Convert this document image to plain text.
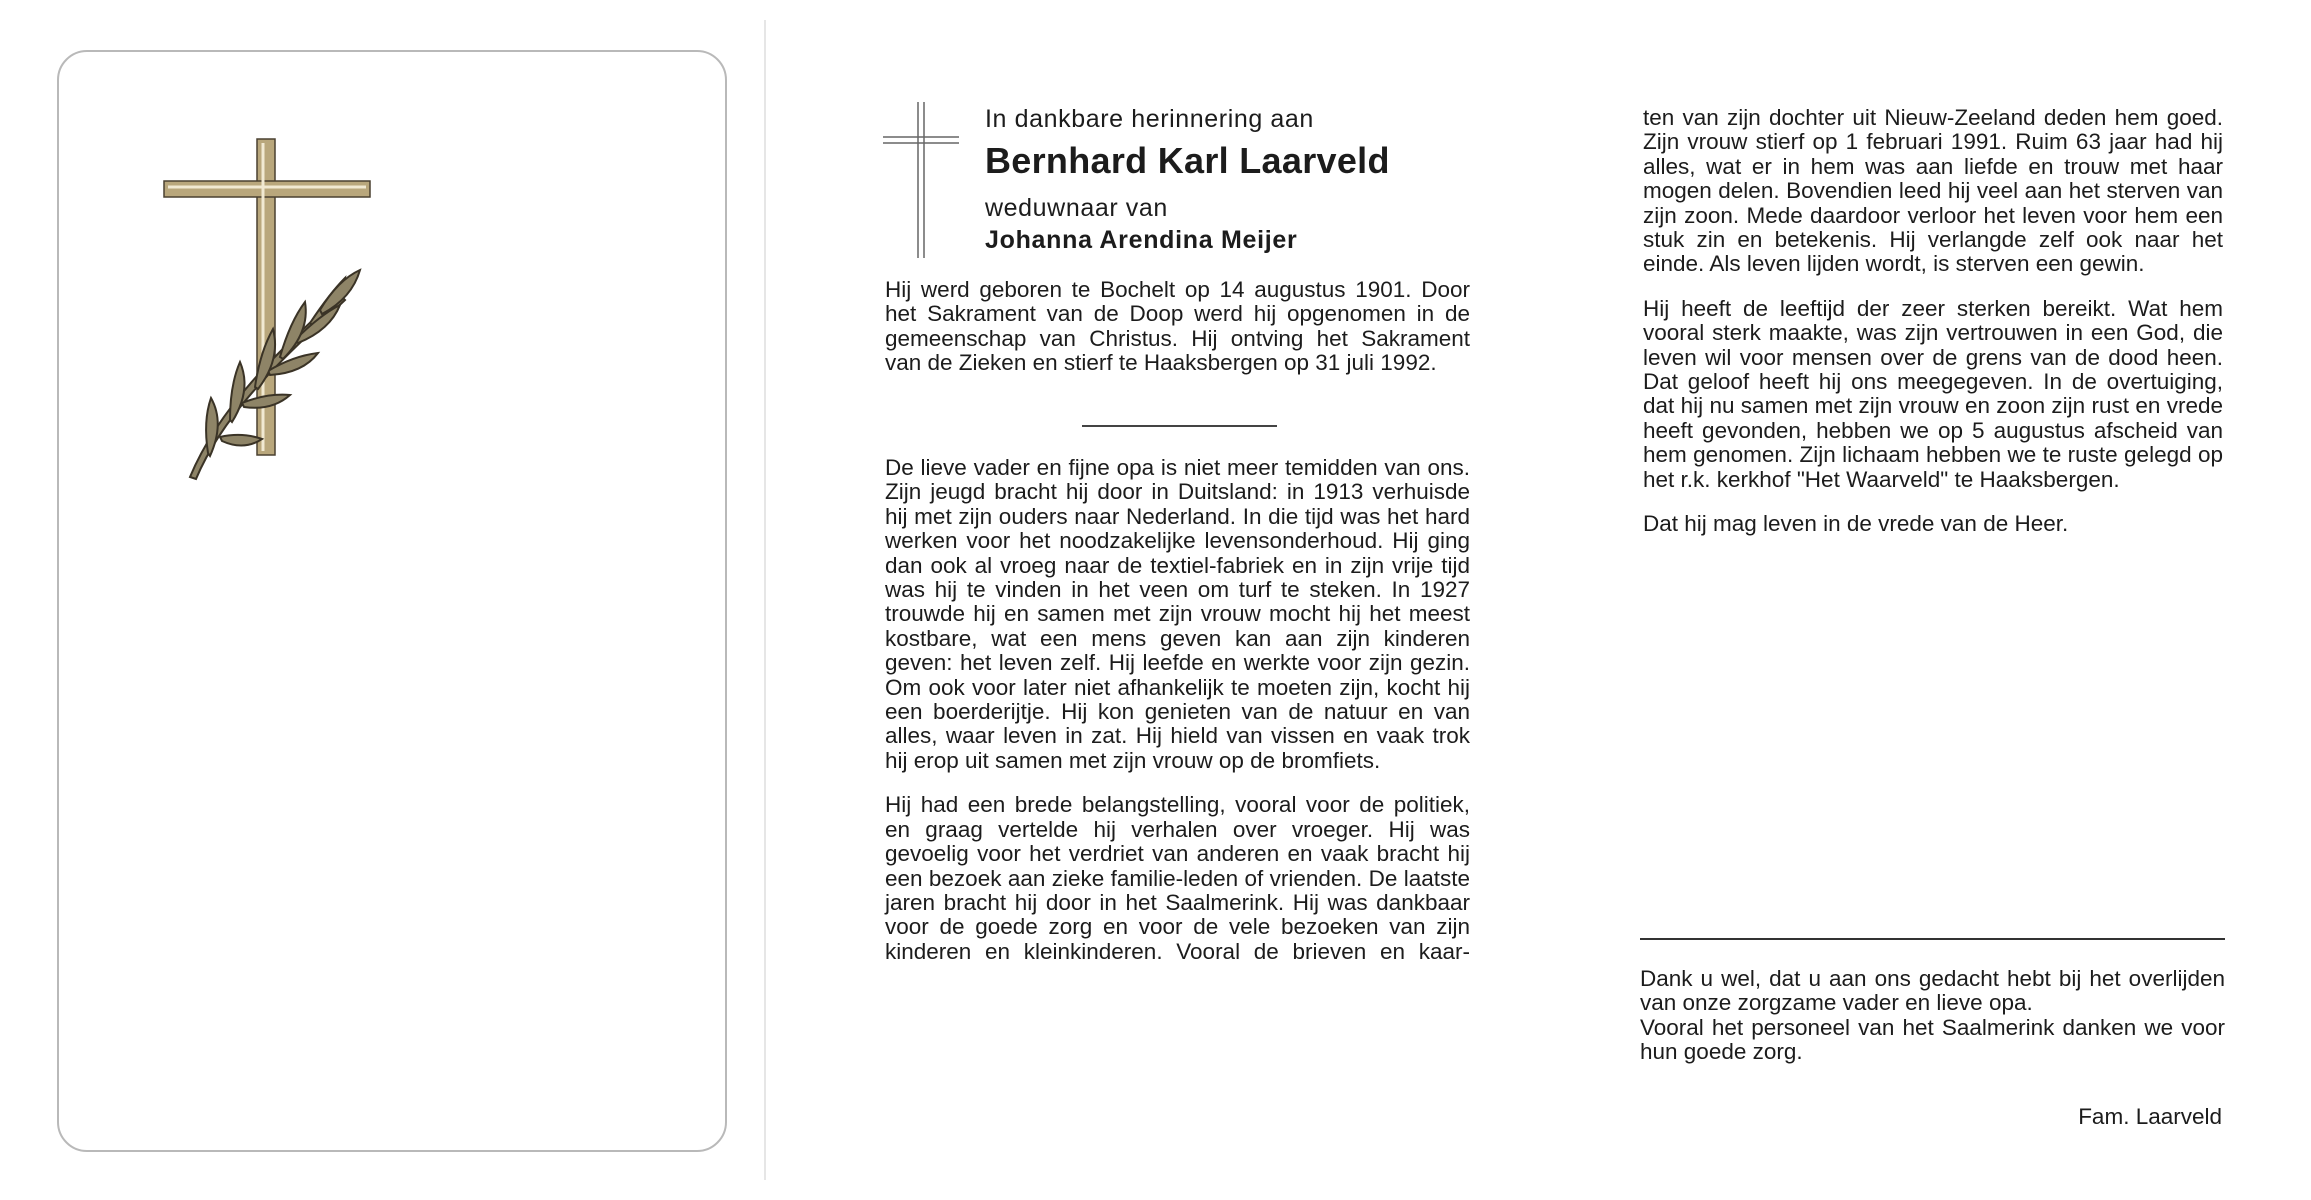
In dankbare herinnering aan

Bernhard Karl Laarveld

weduwnaar van

Johanna Arendina Meijer

Hij werd geboren te Bochelt op 14 augustus 1901. Door het Sakrament van de Doop werd hij opgenomen in de gemeenschap van Christus. Hij ontving het Sakrament van de Zieken en stierf te Haaksbergen op 31 juli 1992.

De lieve vader en fijne opa is niet meer temidden van ons. Zijn jeugd bracht hij door in Duitsland: in 1913 verhuisde hij met zijn ouders naar Nederland. In die tijd was het hard werken voor het noodzakelijke levensonderhoud. Hij ging dan ook al vroeg naar de textiel-fabriek en in zijn vrije tijd was hij te vinden in het veen om turf te steken. In 1927 trouwde hij en samen met zijn vrouw mocht hij het meest kostbare, wat een mens geven kan aan zijn kinderen geven: het leven zelf. Hij leefde en werkte voor zijn gezin. Om ook voor later niet afhankelijk te moeten zijn, kocht hij een boerderijtje. Hij kon genieten van de natuur en van alles, waar leven in zat. Hij hield van vissen en vaak trok hij erop uit samen met zijn vrouw op de bromfiets.

Hij had een brede belangstelling, vooral voor de politiek, en graag vertelde hij verhalen over vroeger. Hij was gevoelig voor het verdriet van anderen en vaak bracht hij een bezoek aan zieke familie-leden of vrienden. De laatste jaren bracht hij door in het Saalmerink. Hij was dankbaar voor de goede zorg en voor de vele bezoeken van zijn kinderen en kleinkinderen. Vooral de brieven en kaar-

ten van zijn dochter uit Nieuw-Zeeland deden hem goed. Zijn vrouw stierf op 1 februari 1991. Ruim 63 jaar had hij alles, wat er in hem was aan liefde en trouw met haar mogen delen. Bovendien leed hij veel aan het sterven van zijn zoon. Mede daardoor verloor het leven voor hem een stuk zin en betekenis. Hij verlangde zelf ook naar het einde. Als leven lijden wordt, is sterven een gewin.

Hij heeft de leeftijd der zeer sterken bereikt. Wat hem vooral sterk maakte, was zijn vertrouwen in een God, die leven wil voor mensen over de grens van de dood heen. Dat geloof heeft hij ons meegegeven. In de overtuiging, dat hij nu samen met zijn vrouw en zoon zijn rust en vrede heeft gevonden, hebben we op 5 augustus afscheid van hem genomen. Zijn lichaam hebben we te ruste gelegd op het r.k. kerkhof "Het Waarveld" te Haaksbergen.

Dat hij mag leven in de vrede van de Heer.

Dank u wel, dat u aan ons gedacht hebt bij het overlijden van onze zorgzame vader en lieve opa.

Vooral het personeel van het Saalmerink danken we voor hun goede zorg.

Fam. Laarveld
